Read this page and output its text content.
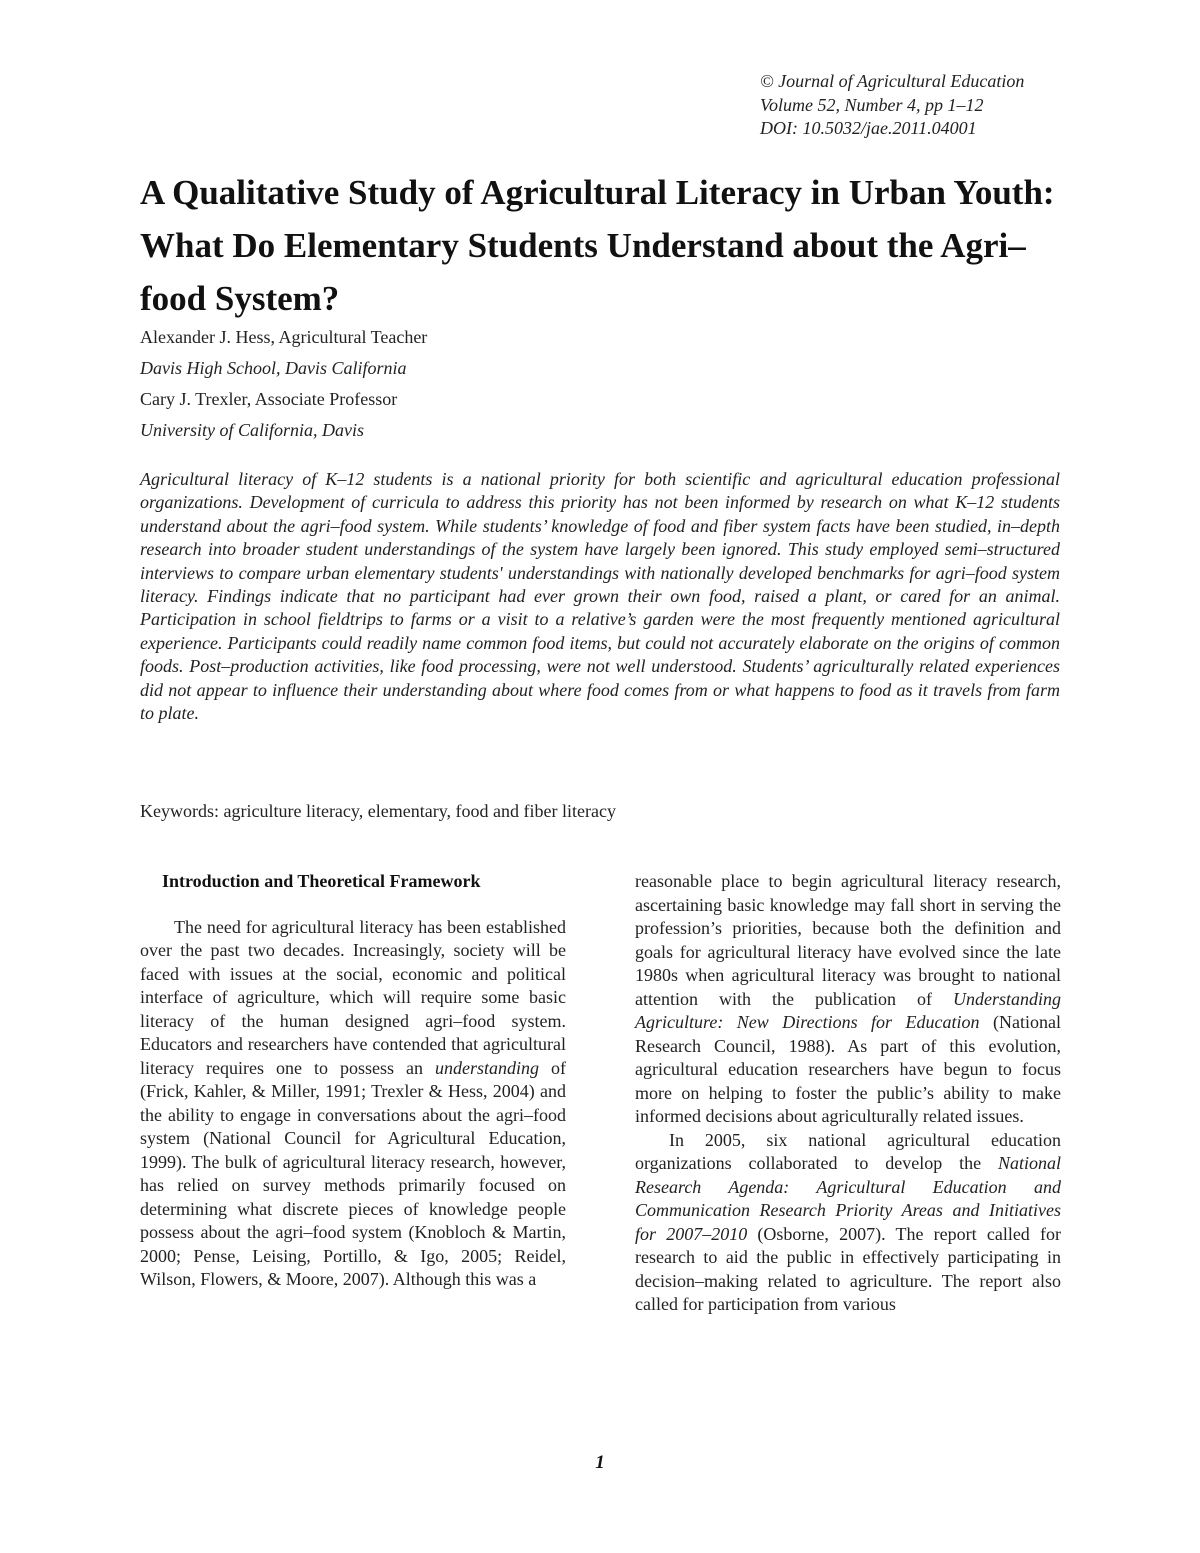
© Journal of Agricultural Education
Volume 52, Number 4, pp 1–12
DOI: 10.5032/jae.2011.04001
A Qualitative Study of Agricultural Literacy in Urban Youth: What Do Elementary Students Understand about the Agri–food System?
Alexander J. Hess, Agricultural Teacher
Davis High School, Davis California
Cary J. Trexler, Associate Professor
University of California, Davis

Agricultural literacy of K–12 students is a national priority for both scientific and agricultural education professional organizations. Development of curricula to address this priority has not been informed by research on what K–12 students understand about the agri–food system. While students’ knowledge of food and fiber system facts have been studied, in–depth research into broader student understandings of the system have largely been ignored. This study employed semi–structured interviews to compare urban elementary students' understandings with nationally developed benchmarks for agri–food system literacy. Findings indicate that no participant had ever grown their own food, raised a plant, or cared for an animal. Participation in school fieldtrips to farms or a visit to a relative’s garden were the most frequently mentioned agricultural experience. Participants could readily name common food items, but could not accurately elaborate on the origins of common foods. Post–production activities, like food processing, were not well understood. Students’ agriculturally related experiences did not appear to influence their understanding about where food comes from or what happens to food as it travels from farm to plate.

Keywords: agriculture literacy, elementary, food and fiber literacy
Introduction and Theoretical Framework

The need for agricultural literacy has been established over the past two decades. Increasingly, society will be faced with issues at the social, economic and political interface of agriculture, which will require some basic literacy of the human designed agri–food system. Educators and researchers have contended that agricultural literacy requires one to possess an understanding of (Frick, Kahler, & Miller, 1991; Trexler & Hess, 2004) and the ability to engage in conversations about the agri–food system (National Council for Agricultural Education, 1999). The bulk of agricultural literacy research, however, has relied on survey methods primarily focused on determining what discrete pieces of knowledge people possess about the agri–food system (Knobloch & Martin, 2000; Pense, Leising, Portillo, & Igo, 2005; Reidel, Wilson, Flowers, & Moore, 2007). Although this was a

reasonable place to begin agricultural literacy research, ascertaining basic knowledge may fall short in serving the profession’s priorities, because both the definition and goals for agricultural literacy have evolved since the late 1980s when agricultural literacy was brought to national attention with the publication of Understanding Agriculture: New Directions for Education (National Research Council, 1988). As part of this evolution, agricultural education researchers have begun to focus more on helping to foster the public’s ability to make informed decisions about agriculturally related issues.

In 2005, six national agricultural education organizations collaborated to develop the National Research Agenda: Agricultural Education and Communication Research Priority Areas and Initiatives for 2007–2010 (Osborne, 2007). The report called for research to aid the public in effectively participating in decision–making related to agriculture. The report also called for participation from various

1
